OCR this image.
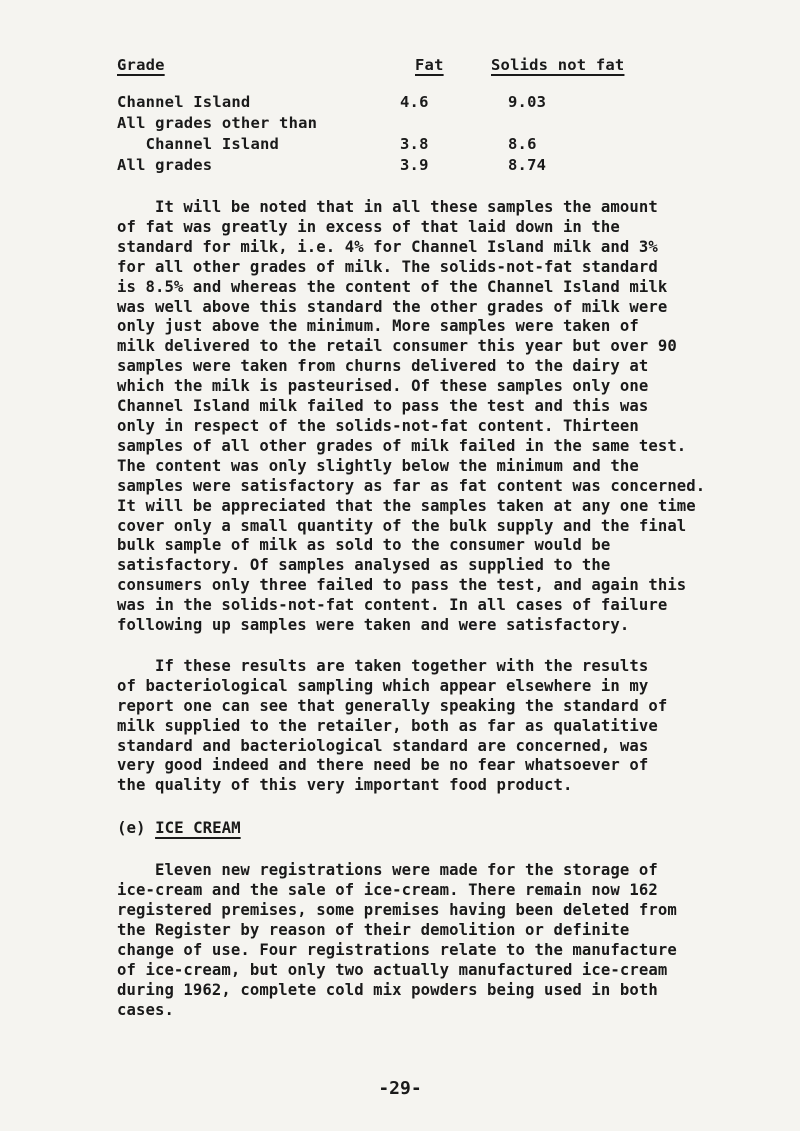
Grade	Fat	Solids not fat
Channel Island	4.6	9.03
All grades other than
Channel Island	3.8	8.6
All grades	3.9	8.74

It will be noted that in all these samples the amount
of fat was greatly in excess of that laid down in the
standard for milk, i.e. 4% for Channel Island milk and 3%
for all other grades of milk. The solids-not-fat standard
is 8.5% and whereas the content of the Channel Island milk
was well above this standard the other grades of milk were
only just above the minimum. More samples were taken of
milk delivered to the retail consumer this year but over 90
samples were taken from churns delivered to the dairy at
which the milk is pasteurised. Of these samples only one
Channel Island milk failed to pass the test and this was
only in respect of the solids-not-fat content. Thirteen
samples of all other grades of milk failed in the same test.
The content was only slightly below the minimum and the
samples were satisfactory as far as fat content was concerned.
It will be appreciated that the samples taken at any one time
cover only a small quantity of the bulk supply and the final
bulk sample of milk as sold to the consumer would be
satisfactory. Of samples analysed as supplied to the
consumers only three failed to pass the test, and again this
was in the solids-not-fat content. In all cases of failure
following up samples were taken and were satisfactory.

If these results are taken together with the results
of bacteriological sampling which appear elsewhere in my
report one can see that generally speaking the standard of
milk supplied to the retailer, both as far as qualatitive
standard and bacteriological standard are concerned, was
very good indeed and there need be no fear whatsoever of
the quality of this very important food product.

(e) ICE CREAM

Eleven new registrations were made for the storage of
ice-cream and the sale of ice-cream. There remain now 162
registered premises, some premises having been deleted from
the Register by reason of their demolition or definite
change of use. Four registrations relate to the manufacture
of ice-cream, but only two actually manufactured ice-cream
during 1962, complete cold mix powders being used in both
cases.

-29-
